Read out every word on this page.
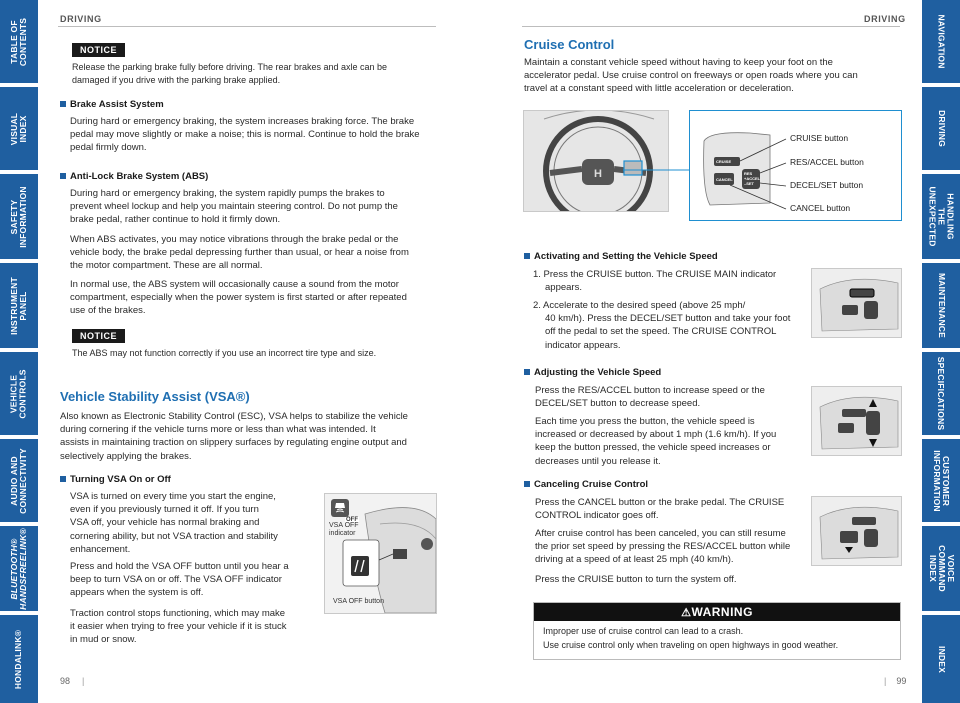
TABLE OF CONTENTS
VISUAL INDEX
SAFETY
INFORMATION
INSTRUMENT PANEL
VEHICLE
CONTROLS
AUDIO AND
CONNECTIVITY
BLUETOOTH®
HANDSFREELINK®
HONDALINK®
NAVIGATION
DRIVING
HANDLING THE
UNEXPECTED
MAINTENANCE
SPECIFICATIONS
CUSTOMER
INFORMATION
VOICE COMMAND
INDEX
INDEX
DRIVING
NOTICE
Release the parking brake fully before driving. The rear brakes and axle can be
damaged if you drive with the parking brake applied.
Brake Assist System
During hard or emergency braking, the system increases braking force. The brake
pedal may move slightly or make a noise; this is normal. Continue to hold the brake
pedal firmly down.
Anti-Lock Brake System (ABS)
During hard or emergency braking, the system rapidly pumps the brakes to
prevent wheel lockup and help you maintain steering control. Do not pump the
brake pedal, rather continue to hold it firmly down.
When ABS activates, you may notice vibrations through the brake pedal or the
vehicle body, the brake pedal depressing further than usual, or hear a noise from
the motor compartment. These are all normal.
In normal use, the ABS system will occasionally cause a sound from the motor
compartment, especially when the power system is first started or after repeated
use of the brakes.
NOTICE
The ABS may not function correctly if you use an incorrect tire type and size.
Vehicle Stability Assist (VSA®)
Also known as Electronic Stability Control (ESC), VSA helps to stabilize the vehicle
during cornering if the vehicle turns more or less than what was intended. It
assists in maintaining traction on slippery surfaces by regulating engine output and
selectively applying the brakes.
Turning VSA On or Off
VSA is turned on every time you start the engine,
even if you previously turned it off. If you turn
VSA off, your vehicle has normal braking and
cornering ability, but not VSA traction and stability
enhancement.
Press and hold the VSA OFF button until you hear a
beep to turn VSA on or off. The VSA OFF indicator
appears when the system is off.
Traction control stops functioning, which may make
it easier when trying to free your vehicle if it is stuck
in mud or snow.
OFF
VSA OFF
indicator
VSA OFF button
98 |
DRIVING
Cruise Control
Maintain a constant vehicle speed without having to keep your foot on the
accelerator pedal. Use cruise control on freeways or open roads where you can
travel at a constant speed with little acceleration or deceleration.
H
CRUISE
CANCEL
RES
+ACCEL
–SET
CRUISE button
RES/ACCEL button
DECEL/SET button
CANCEL button
Activating and Setting the Vehicle Speed
1. Press the CRUISE button. The CRUISE MAIN indicator
appears.
2. Accelerate to the desired speed (above 25 mph/
40 km/h). Press the DECEL/SET button and take your foot
off the pedal to set the speed. The CRUISE CONTROL
indicator appears.
Adjusting the Vehicle Speed
Press the RES/ACCEL button to increase speed or the
DECEL/SET button to decrease speed.
Each time you press the button, the vehicle speed is
increased or decreased by about 1 mph (1.6 km/h). If you
keep the button pressed, the vehicle speed increases or
decreases until you release it.
Canceling Cruise Control
Press the CANCEL button or the brake pedal. The CRUISE
CONTROL indicator goes off.
After cruise control has been canceled, you can still resume
the prior set speed by pressing the RES/ACCEL button while
driving at a speed of at least 25 mph (40 km/h).
Press the CRUISE button to turn the system off.
⚠WARNING
Improper use of cruise control can lead to a crash.
Use cruise control only when traveling on open highways in good weather.
| 99
